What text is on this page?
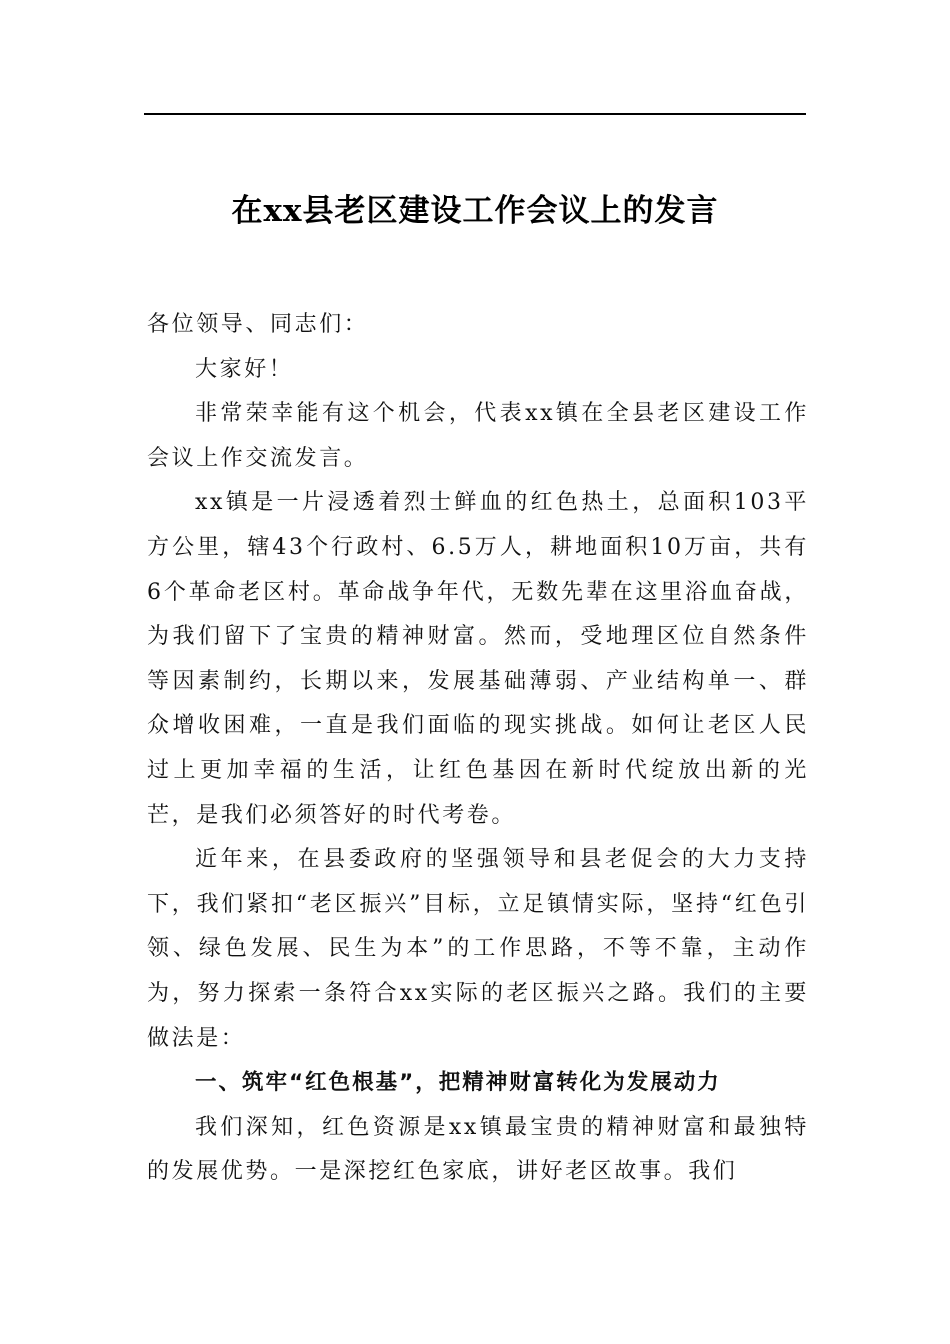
在xx县老区建设工作会议上的发言

各位领导、同志们：

大家好！

非常荣幸能有这个机会，代表xx镇在全县老区建设工作会议上作交流发言。

xx镇是一片浸透着烈士鲜血的红色热土，总面积103平方公里，辖43个行政村、6.5万人，耕地面积10万亩，共有6个革命老区村。革命战争年代，无数先辈在这里浴血奋战，为我们留下了宝贵的精神财富。然而，受地理区位自然条件等因素制约，长期以来，发展基础薄弱、产业结构单一、群众增收困难，一直是我们面临的现实挑战。如何让老区人民过上更加幸福的生活，让红色基因在新时代绽放出新的光芒，是我们必须答好的时代考卷。

近年来，在县委政府的坚强领导和县老促会的大力支持下，我们紧扣“老区振兴”目标，立足镇情实际，坚持“红色引领、绿色发展、民生为本”的工作思路，不等不靠，主动作为，努力探索一条符合xx实际的老区振兴之路。我们的主要做法是：

一、筑牢“红色根基”，把精神财富转化为发展动力

我们深知，红色资源是xx镇最宝贵的精神财富和最独特的发展优势。一是深挖红色家底，讲好老区故事。我们
